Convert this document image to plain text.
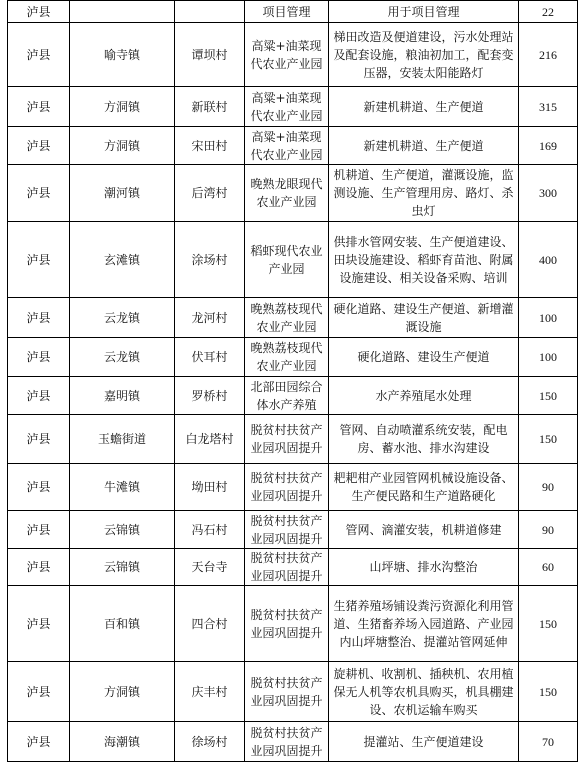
泸县			项目管理	用于项目管理	22
泸县	喻寺镇	谭坝村	高粱+油菜现代农业产业园	梯田改造及便道建设，污水处理站及配套设施，粮油初加工，配套变压器，安装太阳能路灯	216
泸县	方洞镇	新联村	高粱+油菜现代农业产业园	新建机耕道、生产便道	315
泸县	方洞镇	宋田村	高粱+油菜现代农业产业园	新建机耕道、生产便道	169
泸县	潮河镇	后湾村	晚熟龙眼现代农业产业园	机耕道、生产便道，灌溉设施，监测设施、生产管理用房、路灯、杀虫灯	300
泸县	玄滩镇	涂场村	稻虾现代农业产业园	供排水管网安装、生产便道建设、田块设施建设、稻虾育苗池、附属设施建设、相关设备采购、培训	400
泸县	云龙镇	龙河村	晚熟荔枝现代农业产业园	硬化道路、建设生产便道、新增灌溉设施	100
泸县	云龙镇	伏耳村	晚熟荔枝现代农业产业园	硬化道路、建设生产便道	100
泸县	嘉明镇	罗桥村	北部田园综合体水产养殖	水产养殖尾水处理	150
泸县	玉蟾街道	白龙塔村	脱贫村扶贫产业园巩固提升	管网、自动喷灌系统安装，配电房、蓄水池、排水沟建设	150
泸县	牛滩镇	坳田村	脱贫村扶贫产业园巩固提升	耙耙柑产业园管网机械设施设备、生产便民路和生产道路硬化	90
泸县	云锦镇	冯石村	脱贫村扶贫产业园巩固提升	管网、滴灌安装，机耕道修建	90
泸县	云锦镇	天台寺	脱贫村扶贫产业园巩固提升	山坪塘、排水沟整治	60
泸县	百和镇	四合村	脱贫村扶贫产业园巩固提升	生猪养殖场铺设粪污资源化利用管道、生猪畜养场入园道路、产业园内山坪塘整治、提灌站管网延伸	150
泸县	方洞镇	庆丰村	脱贫村扶贫产业园巩固提升	旋耕机、收割机、插秧机、农用植保无人机等农机具购买，机具棚建设、农机运输车购买	150
泸县	海潮镇	徐场村	脱贫村扶贫产业园巩固提升	提灌站、生产便道建设	70
